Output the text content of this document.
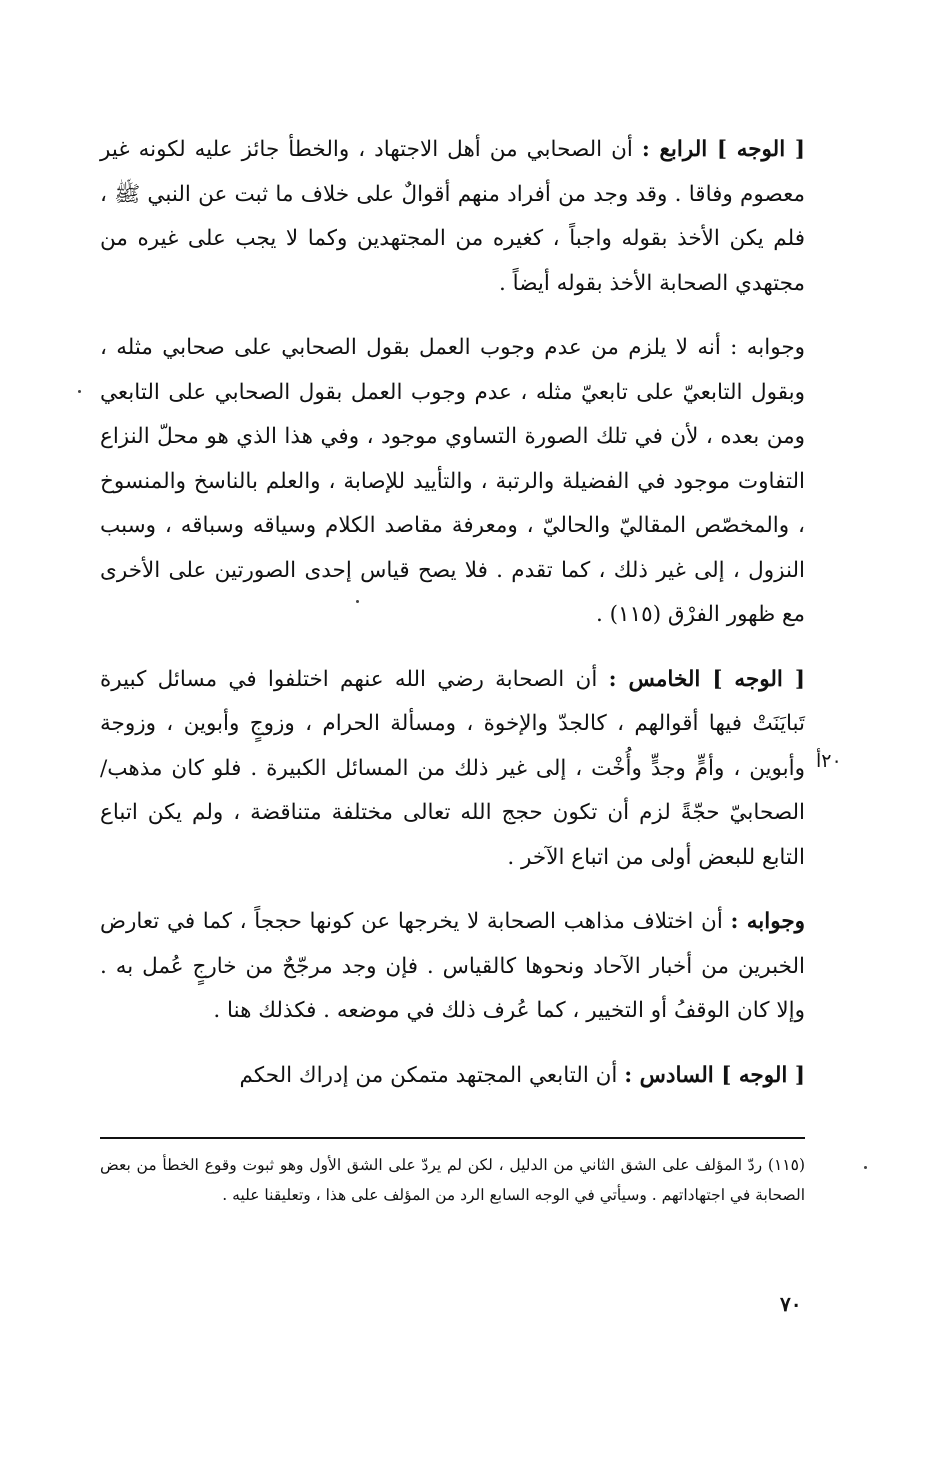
[ الوجه ] الرابع : أن الصحابي من أهل الاجتهاد ، والخطأ جائز عليه لكونه غير معصوم وفاقا . وقد وجد من أفراد منهم أقوالٌ على خلاف ما ثبت عن النبي ﷺ ، فلم يكن الأخذ بقوله واجباً ، كغيره من المجتهدين وكما لا يجب على غيره من مجتهدي الصحابة الأخذ بقوله أيضاً .

وجوابه : أنه لا يلزم من عدم وجوب العمل بقول الصحابي على صحابي مثله ، وبقول التابعيّ على تابعيّ مثله ، عدم وجوب العمل بقول الصحابي على التابعي ومن بعده ، لأن في تلك الصورة التساوي موجود ، وفي هذا الذي هو محلّ النزاع التفاوت موجود في الفضيلة والرتبة ، والتأييد للإصابة ، والعلم بالناسخ والمنسوخ ، والمخصّص المقاليّ والحاليّ ، ومعرفة مقاصد الكلام وسياقه وسباقه ، وسبب النزول ، إلى غير ذلك ، كما تقدم . فلا يصح قياس إحدى الصورتين على الأخرى مع ظهور الفرْق (١١٥) .

[ الوجه ] الخامس : أن الصحابة رضي الله عنهم اختلفوا في مسائل كبيرة تَبايَنَتْ فيها أقوالهم ، كالجدّ والإخوة ، ومسألة الحرام ، وزوجٍ وأبوين ، وزوجة وأبوين ، وأمٍّ وجدٍّ وأُخْت ، إلى غير ذلك من المسائل الكبيرة . فلو كان مذهب/الصحابيّ حجّةً لزم أن تكون حجج الله تعالى مختلفة متناقضة ، ولم يكن اتباع التابع للبعض أولى من اتباع الآخر .

وجوابه : أن اختلاف مذاهب الصحابة لا يخرجها عن كونها حججاً ، كما في تعارض الخبرين من أخبار الآحاد ونحوها كالقياس . فإن وجد مرجّحٌ من خارجٍ عُمل به . وإلا كان الوقفُ أو التخيير ، كما عُرف ذلك في موضعه . فكذلك هنا .

[ الوجه ] السادس : أن التابعي المجتهد متمكن من إدراك الحكم

٢٠أ

(١١٥) ردّ المؤلف على الشق الثاني من الدليل ، لكن لم يردّ على الشق الأول وهو ثبوت وقوع الخطأ من بعض الصحابة في اجتهاداتهم . وسيأتي في الوجه السابع الرد من المؤلف على هذا ، وتعليقنا عليه .

٧٠
